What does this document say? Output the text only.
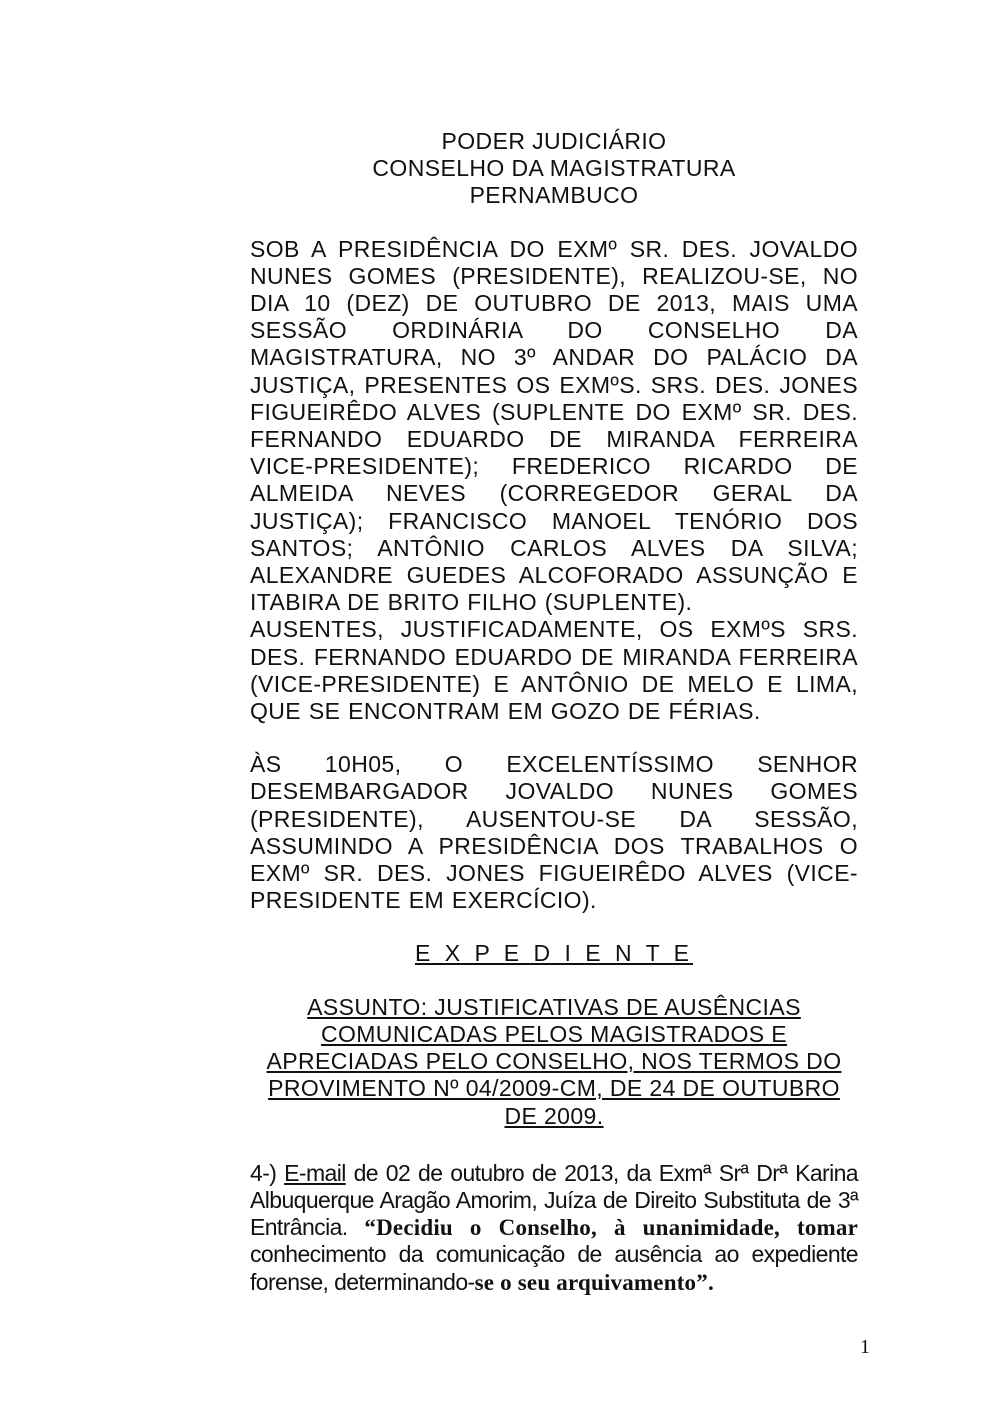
PODER JUDICIÁRIO
CONSELHO DA MAGISTRATURA
PERNAMBUCO

SOB A PRESIDÊNCIA DO EXMº SR. DES. JOVALDO NUNES GOMES (PRESIDENTE), REALIZOU-SE, NO DIA 10 (DEZ) DE OUTUBRO DE 2013, MAIS UMA SESSÃO ORDINÁRIA DO CONSELHO DA MAGISTRATURA, NO 3º ANDAR DO PALÁCIO DA JUSTIÇA, PRESENTES OS EXMºS. SRS. DES. JONES FIGUEIRÊDO ALVES (SUPLENTE DO EXMº SR. DES. FERNANDO EDUARDO DE MIRANDA FERREIRA VICE-PRESIDENTE); FREDERICO RICARDO DE ALMEIDA NEVES (CORREGEDOR GERAL DA JUSTIÇA); FRANCISCO MANOEL TENÓRIO DOS SANTOS; ANTÔNIO CARLOS ALVES DA SILVA; ALEXANDRE GUEDES ALCOFORADO ASSUNÇÃO E ITABIRA DE BRITO FILHO (SUPLENTE).

AUSENTES, JUSTIFICADAMENTE, OS EXMºS SRS. DES. FERNANDO EDUARDO DE MIRANDA FERREIRA (VICE-PRESIDENTE) E ANTÔNIO DE MELO E LIMA, QUE SE ENCONTRAM EM GOZO DE FÉRIAS.

ÀS 10H05, O EXCELENTÍSSIMO SENHOR DESEMBARGADOR JOVALDO NUNES GOMES (PRESIDENTE), AUSENTOU-SE DA SESSÃO, ASSUMINDO A PRESIDÊNCIA DOS TRABALHOS O EXMº SR. DES. JONES FIGUEIRÊDO ALVES (VICE-PRESIDENTE EM EXERCÍCIO).

E X P E D I E N T E
ASSUNTO: JUSTIFICATIVAS DE AUSÊNCIAS COMUNICADAS PELOS MAGISTRADOS E APRECIADAS PELO CONSELHO, NOS TERMOS DO PROVIMENTO Nº 04/2009-CM, DE 24 DE OUTUBRO DE 2009.

4-) E-mail de 02 de outubro de 2013, da Exmª Srª Drª Karina Albuquerque Aragão Amorim, Juíza de Direito Substituta de 3ª Entrância. “Decidiu o Conselho, à unanimidade, tomar conhecimento da comunicação de ausência ao expediente forense, determinando-se o seu arquivamento”.

1
